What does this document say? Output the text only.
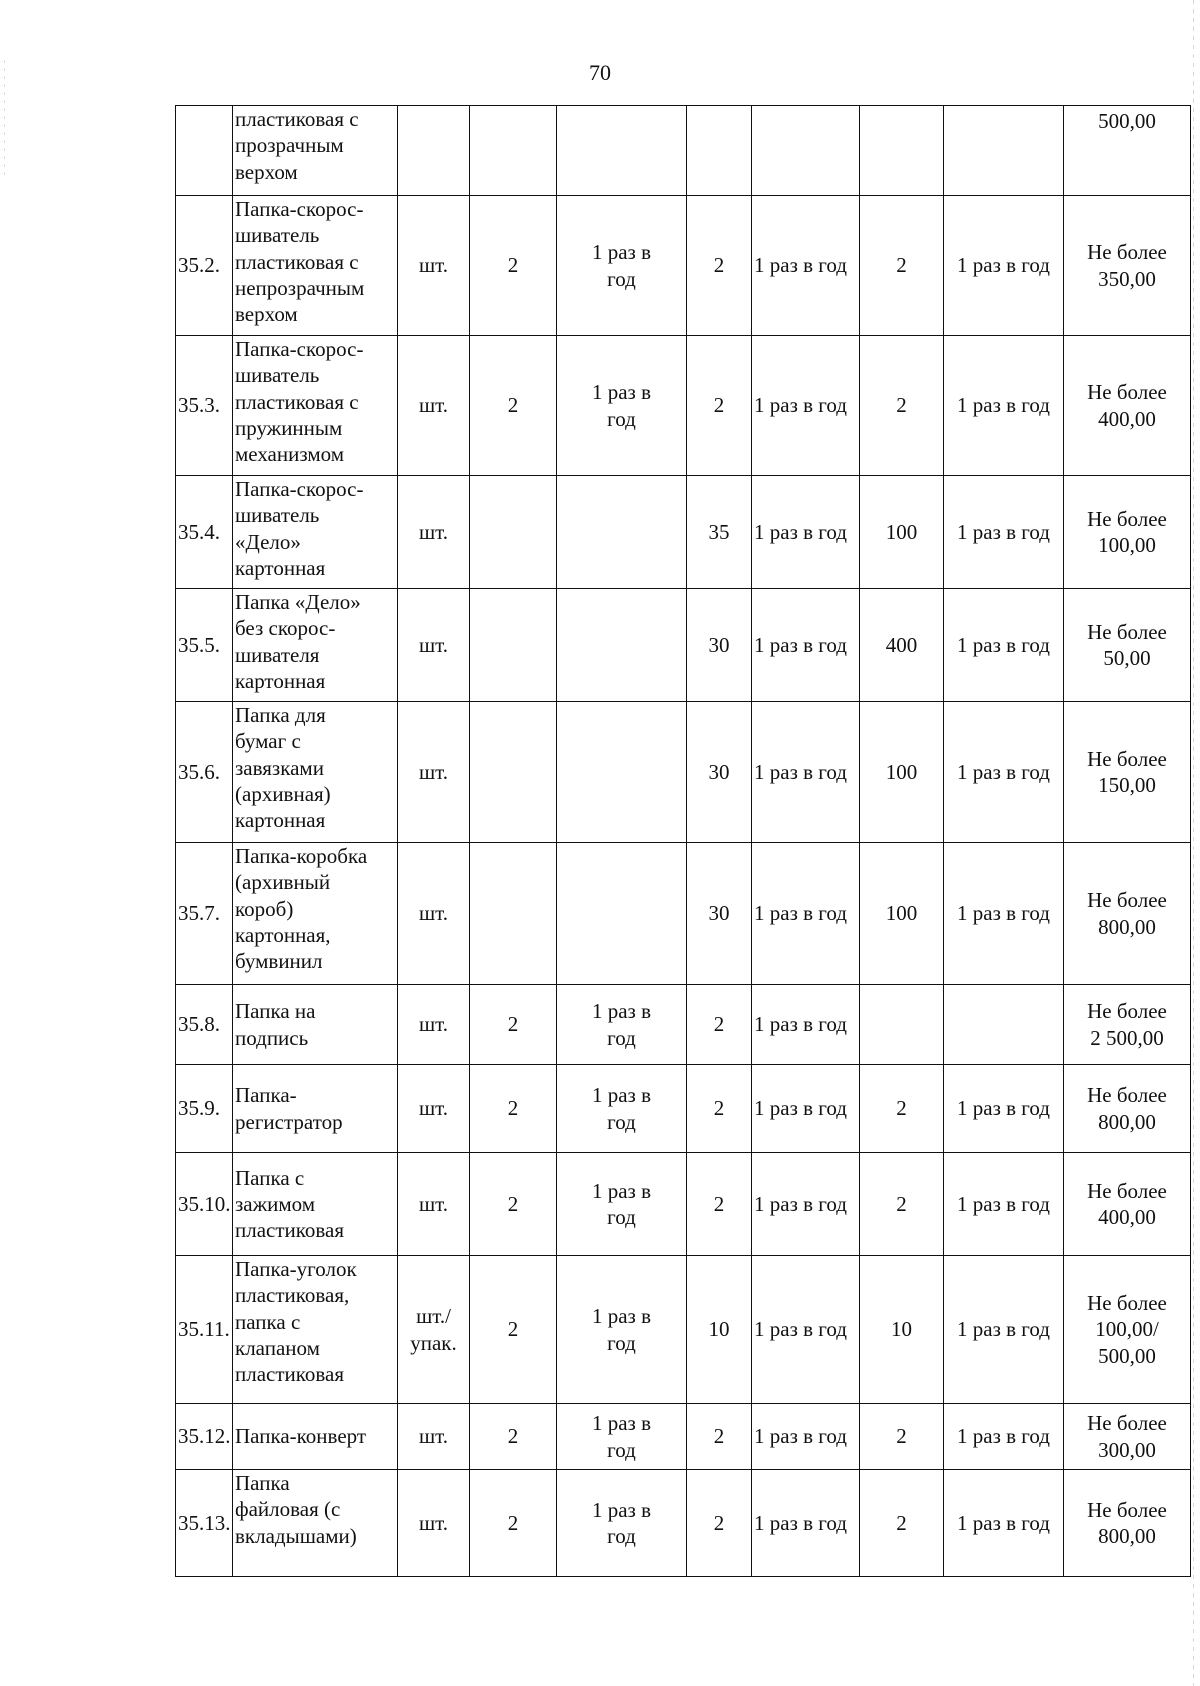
70
	пластиковая с
прозрачным
верхом								500,00
35.2.	Папка-скорос-
шиватель
пластиковая с
непрозрачным
верхом	шт.	2	1 раз в
год	2	1 раз в год	2	1 раз в год	Не более
350,00
35.3.	Папка-скорос-
шиватель
пластиковая с
пружинным
механизмом	шт.	2	1 раз в
год	2	1 раз в год	2	1 раз в год	Не более
400,00
35.4.	Папка-скорос-
шиватель
«Дело»
картонная	шт.			35	1 раз в год	100	1 раз в год	Не более
100,00
35.5.	Папка «Дело»
без скорос-
шивателя
картонная	шт.			30	1 раз в год	400	1 раз в год	Не более
50,00
35.6.	Папка для
бумаг с
завязками
(архивная)
картонная	шт.			30	1 раз в год	100	1 раз в год	Не более
150,00
35.7.	Папка-коробка
(архивный
короб)
картонная,
бумвинил	шт.			30	1 раз в год	100	1 раз в год	Не более
800,00
35.8.	Папка на
подпись	шт.	2	1 раз в
год	2	1 раз в год			Не более
2 500,00
35.9.	Папка-
регистратор	шт.	2	1 раз в
год	2	1 раз в год	2	1 раз в год	Не более
800,00
35.10.	Папка с
зажимом
пластиковая	шт.	2	1 раз в
год	2	1 раз в год	2	1 раз в год	Не более
400,00
35.11.	Папка-уголок
пластиковая,
папка с
клапаном
пластиковая	шт./
упак.	2	1 раз в
год	10	1 раз в год	10	1 раз в год	Не более
100,00/
500,00
35.12.	Папка-конверт	шт.	2	1 раз в
год	2	1 раз в год	2	1 раз в год	Не более
300,00
35.13.	Папка
файловая (с
вкладышами)	шт.	2	1 раз в
год	2	1 раз в год	2	1 раз в год	Не более
800,00
